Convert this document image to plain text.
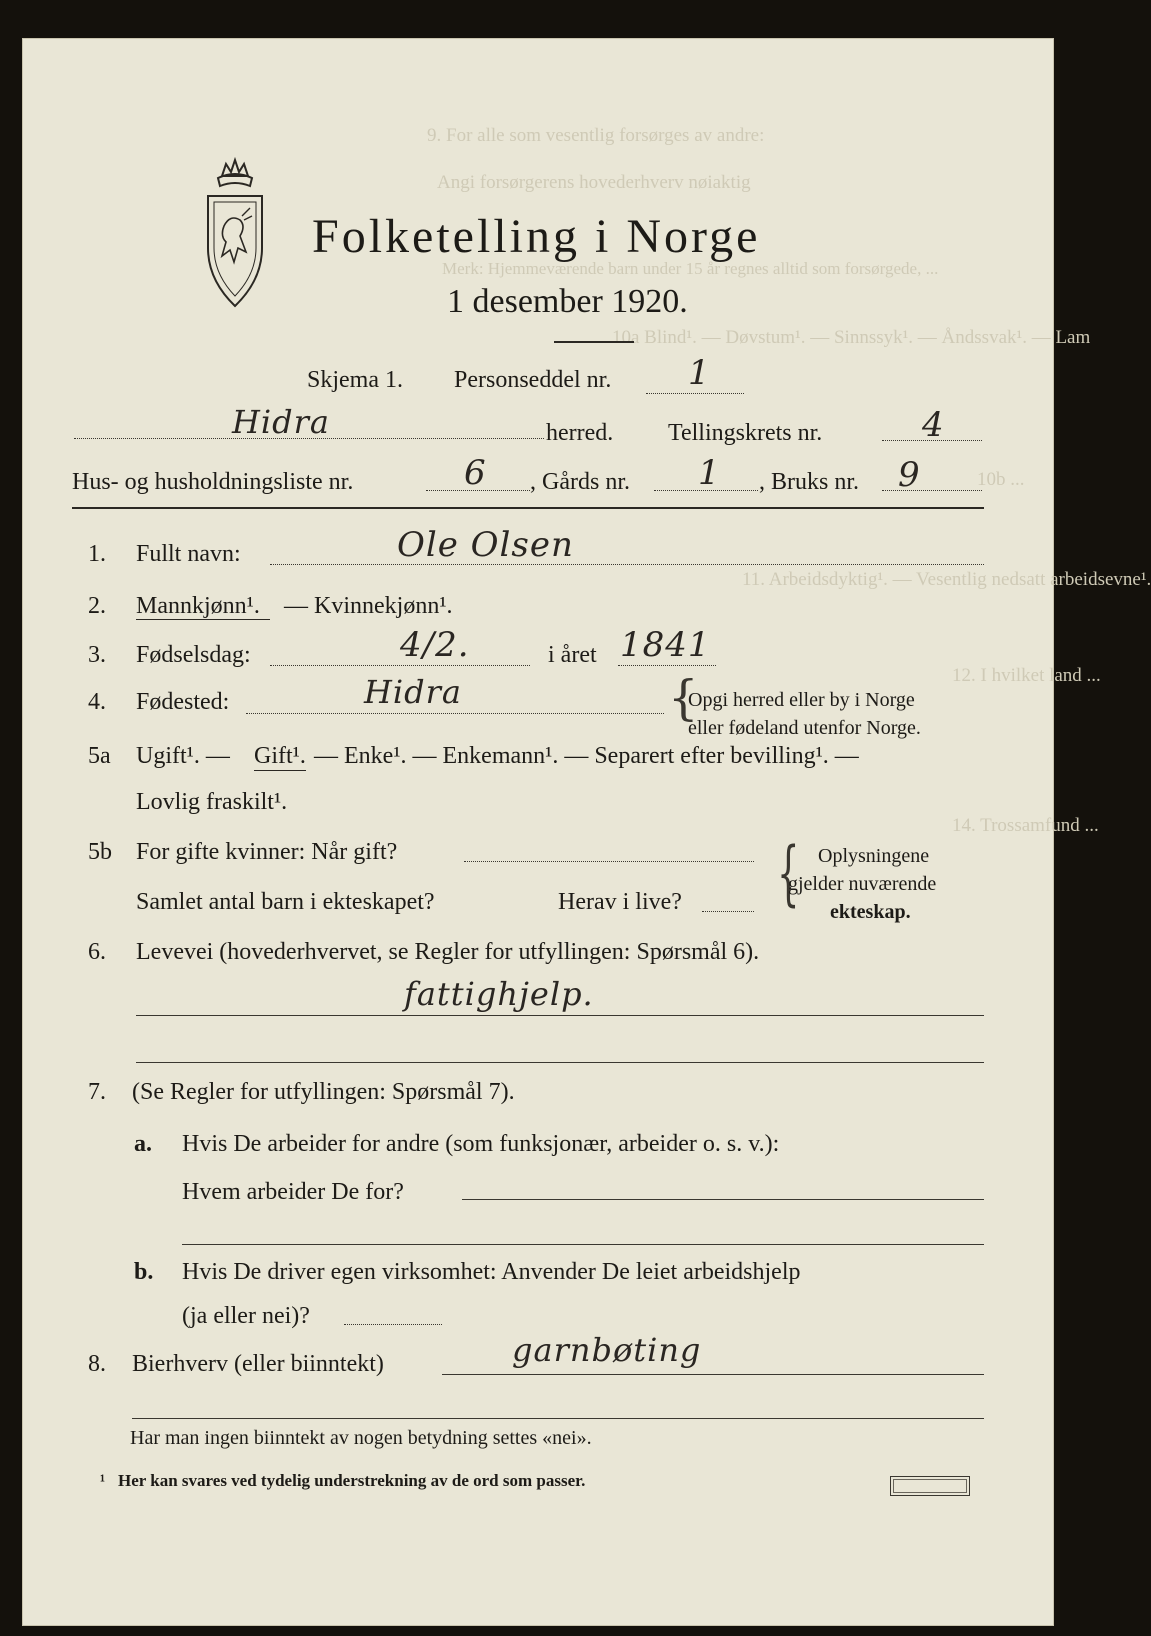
9. For alle som vesentlig forsørges av andre:
Angi forsørgerens hovederhverv nøiaktig
Merk: Hjemmeværende barn under 15 år regnes alltid som forsørgede, ...
10a Blind¹. — Døvstum¹. — Sinnssyk¹. — Åndssvak¹. — Lam
10b ...
11. Arbeidsdyktig¹. — Vesentlig nedsatt arbeidsevne¹.
12. I hvilket land ...
14. Trossamfund ...
Folketelling i Norge
1 desember 1920.
Skjema 1. Personseddel nr. 1
Hidra	herred. Tellingskrets nr.	4
Hus- og husholdningsliste nr.	6 , Gårds nr. 1 , Bruks nr. 9
1. Fullt navn:	Ole Olsen
2. Mannkjønn¹. — Kvinnekjønn¹.
3. Fødselsdag:	4/2.	i året 1841
4. Fødested:	Hidra	{
Opgi herred eller by i Norge
eller fødeland utenfor Norge.
5a Ugift¹. — Gift¹. — Enke¹. — Enkemann¹. — Separert efter bevilling¹. —
Lovlig fraskilt¹.
5b For gifte kvinner: Når gift?
Samlet antal barn i ekteskapet?	Herav i live? { Oplysningene
gjelder nuværende
ekteskap.
6. Levevei (hovederhvervet, se Regler for utfyllingen: Spørsmål 6).
fattighjelp.
7. (Se Regler for utfyllingen: Spørsmål 7).
a. Hvis De arbeider for andre (som funksjonær, arbeider o. s. v.):
Hvem arbeider De for?
b. Hvis De driver egen virksomhet: Anvender De leiet arbeidshjelp
(ja eller nei)?
8. Bierhverv (eller biinntekt)	garnbøting
Har man ingen biinntekt av nogen betydning settes «nei».
¹ Her kan svares ved tydelig understrekning av de ord som passer.
